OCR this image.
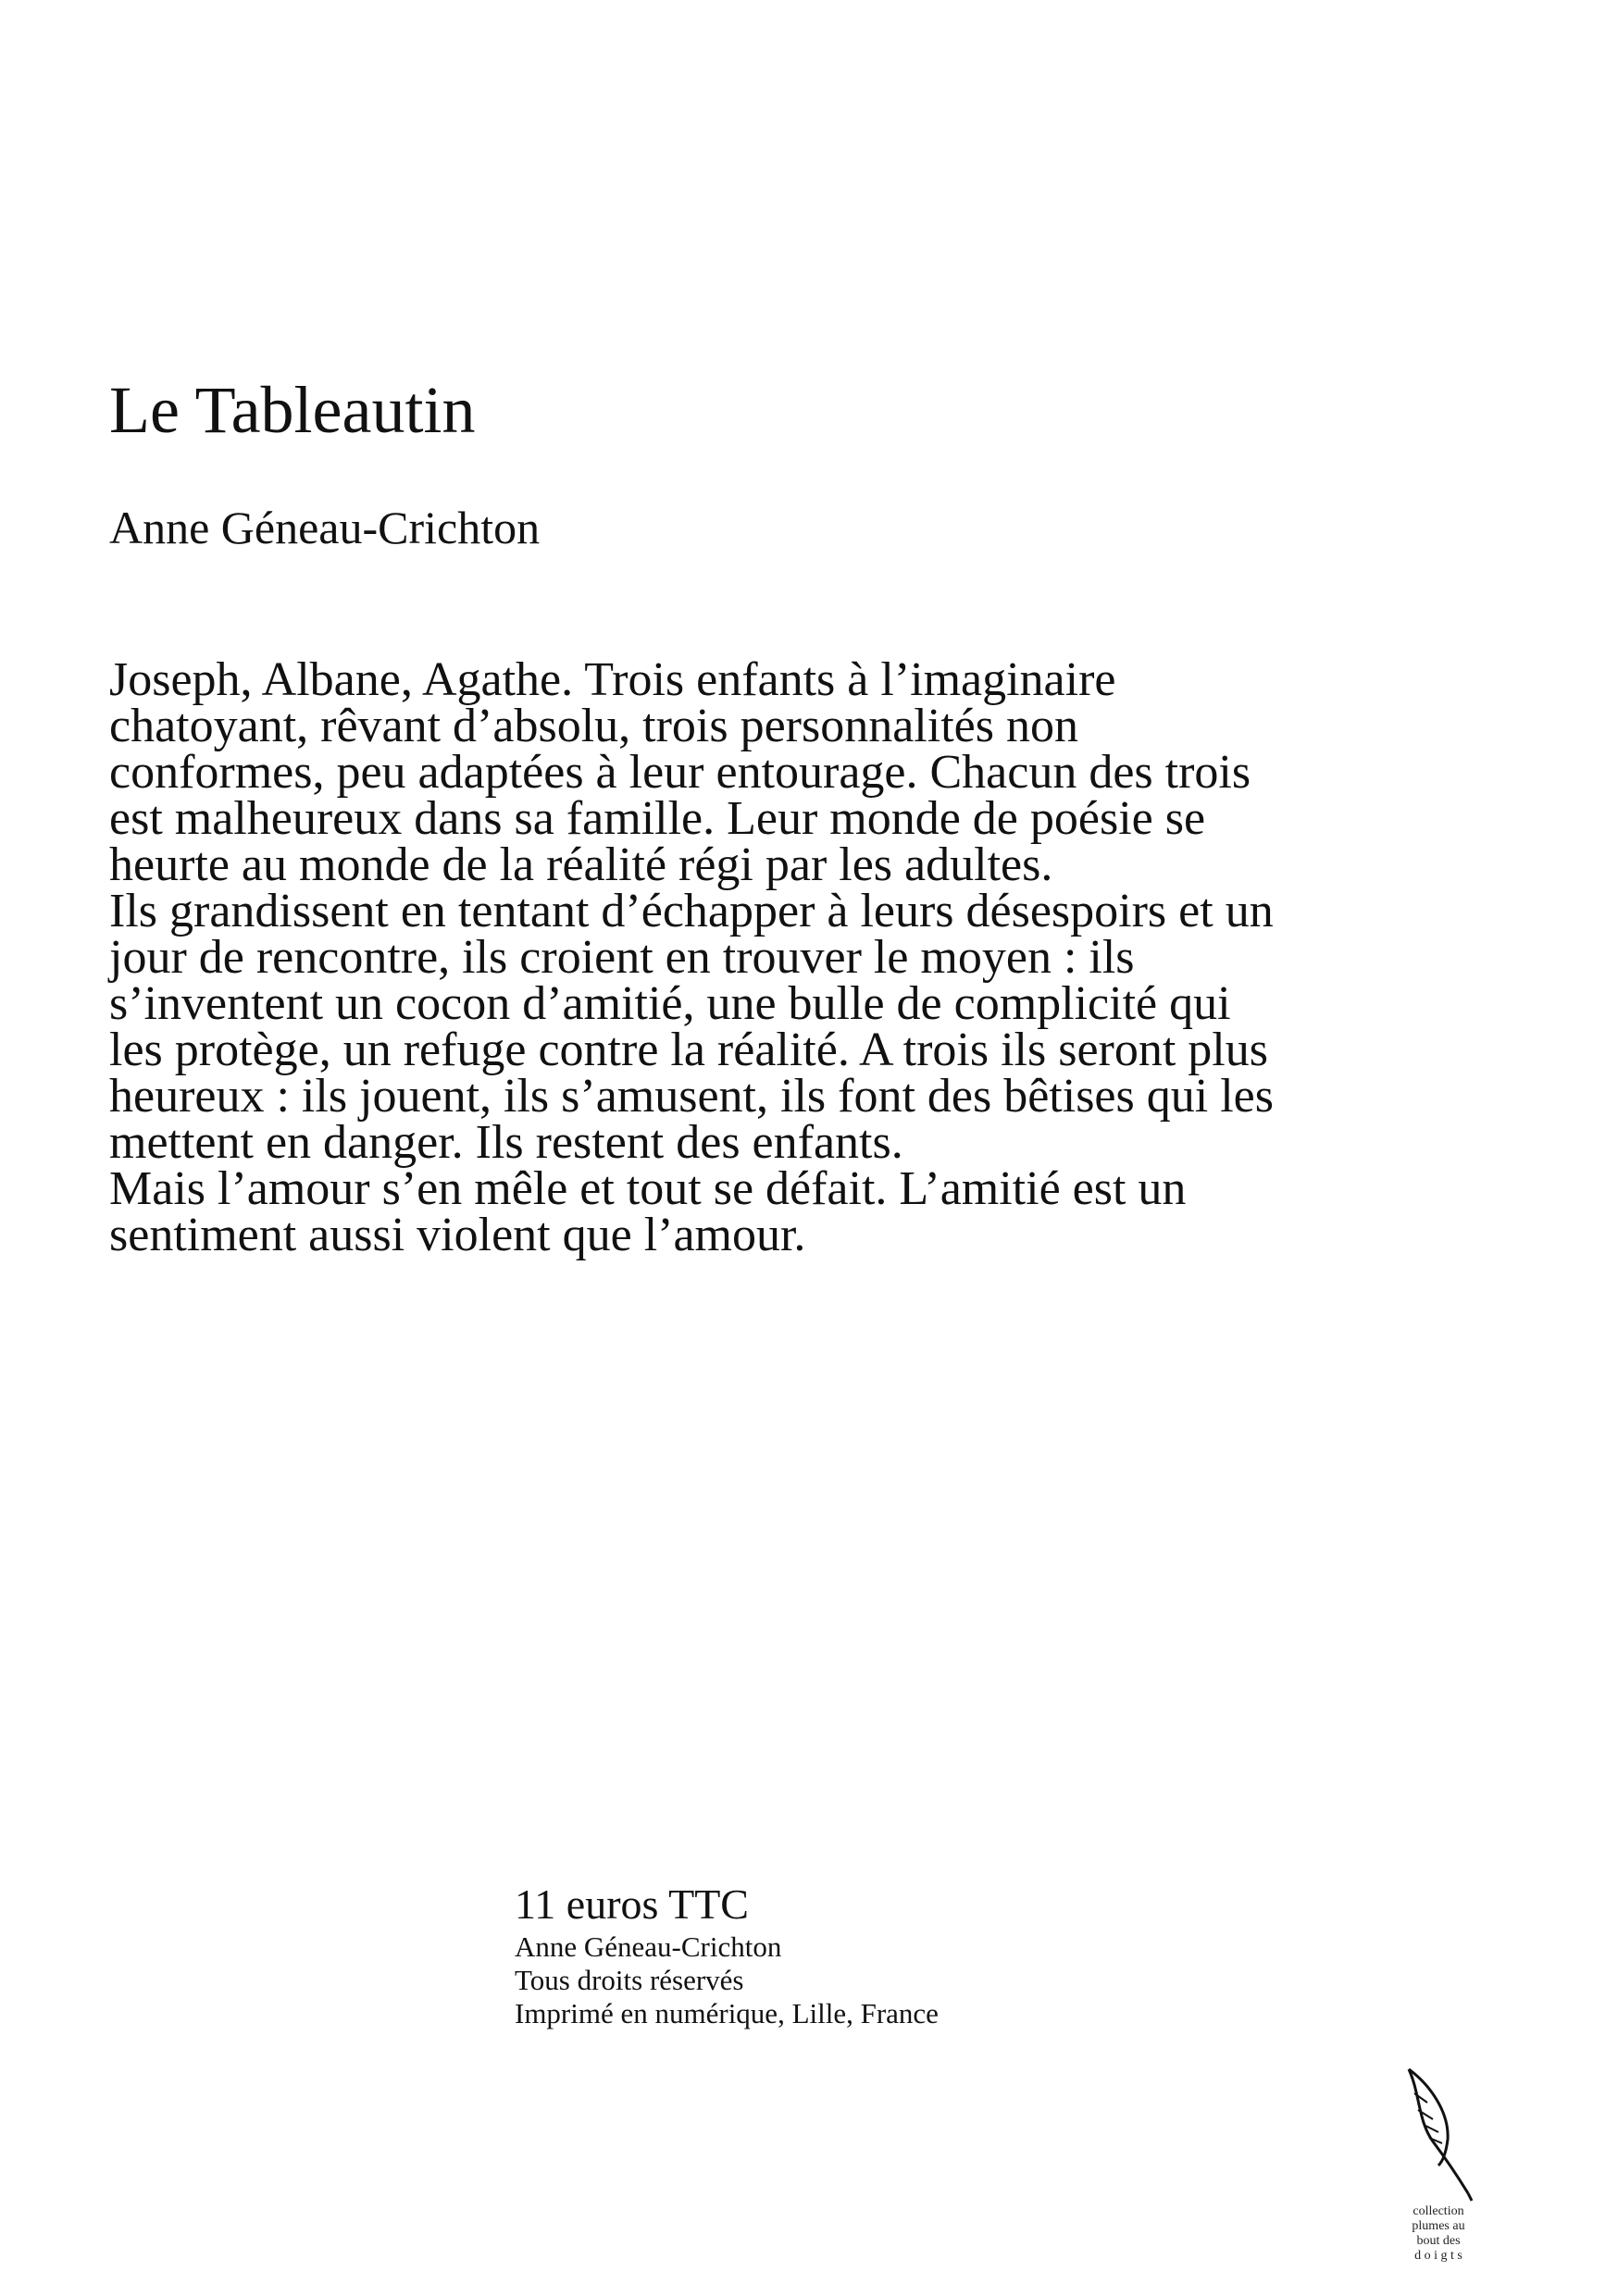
Le Tableautin
Anne Géneau-Crichton

Joseph, Albane, Agathe. Trois enfants à l’imaginaire chatoyant, rêvant d’absolu, trois personnalités non conformes, peu adaptées à leur entourage. Chacun des trois est malheureux dans sa famille. Leur monde de poésie se heurte au monde de la réalité régi par les adultes.

Ils grandissent en tentant d’échapper à leurs désespoirs et un jour de rencontre, ils croient en trouver le moyen : ils s’inventent un cocon d’amitié, une bulle de complicité qui les protège, un refuge contre la réalité. A trois ils seront plus heureux : ils jouent, ils s’amusent, ils font des bêtises qui les mettent en danger. Ils restent des enfants.

Mais l’amour s’en mêle et tout se défait. L’amitié est un sentiment aussi violent que l’amour.

11 euros TTC
Anne Géneau-Crichton
Tous droits réservés
Imprimé en numérique, Lille, France
collection
plumes au
bout des
d o i g t s
